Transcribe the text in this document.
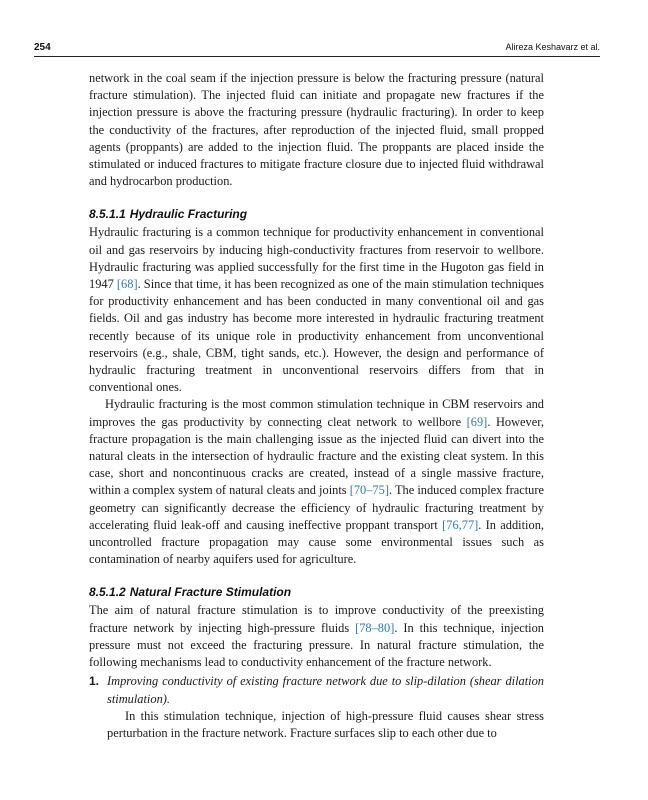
254	Alireza Keshavarz et al.

network in the coal seam if the injection pressure is below the fracturing pressure (natural fracture stimulation). The injected fluid can initiate and propagate new fractures if the injection pressure is above the fracturing pressure (hydraulic fracturing). In order to keep the conductivity of the fractures, after reproduction of the injected fluid, small propped agents (proppants) are added to the injection fluid. The proppants are placed inside the stimulated or induced fractures to mitigate fracture closure due to injected fluid withdrawal and hydrocarbon production.

8.5.1.1 Hydraulic Fracturing

Hydraulic fracturing is a common technique for productivity enhancement in conventional oil and gas reservoirs by inducing high-conductivity fractures from reservoir to wellbore. Hydraulic fracturing was applied successfully for the first time in the Hugoton gas field in 1947 [68]. Since that time, it has been recognized as one of the main stimulation techniques for productivity enhancement and has been conducted in many conventional oil and gas fields. Oil and gas industry has become more interested in hydraulic fracturing treatment recently because of its unique role in productivity enhancement from unconventional reservoirs (e.g., shale, CBM, tight sands, etc.). However, the design and performance of hydraulic fracturing treatment in unconventional reservoirs differs from that in conventional ones.

Hydraulic fracturing is the most common stimulation technique in CBM reservoirs and improves the gas productivity by connecting cleat network to wellbore [69]. However, fracture propagation is the main challenging issue as the injected fluid can divert into the natural cleats in the intersection of hydraulic fracture and the existing cleat system. In this case, short and noncontinuous cracks are created, instead of a single massive fracture, within a complex system of natural cleats and joints [70–75]. The induced complex fracture geometry can significantly decrease the efficiency of hydraulic fracturing treatment by accelerating fluid leak-off and causing ineffective proppant transport [76,77]. In addition, uncontrolled fracture propagation may cause some environmental issues such as contamination of nearby aquifers used for agriculture.

8.5.1.2 Natural Fracture Stimulation

The aim of natural fracture stimulation is to improve conductivity of the preexisting fracture network by injecting high-pressure fluids [78–80]. In this technique, injection pressure must not exceed the fracturing pressure. In natural fracture stimulation, the following mechanisms lead to conductivity enhancement of the fracture network.

1. Improving conductivity of existing fracture network due to slip-dilation (shear dilation stimulation).

In this stimulation technique, injection of high-pressure fluid causes shear stress perturbation in the fracture network. Fracture surfaces slip to each other due to
